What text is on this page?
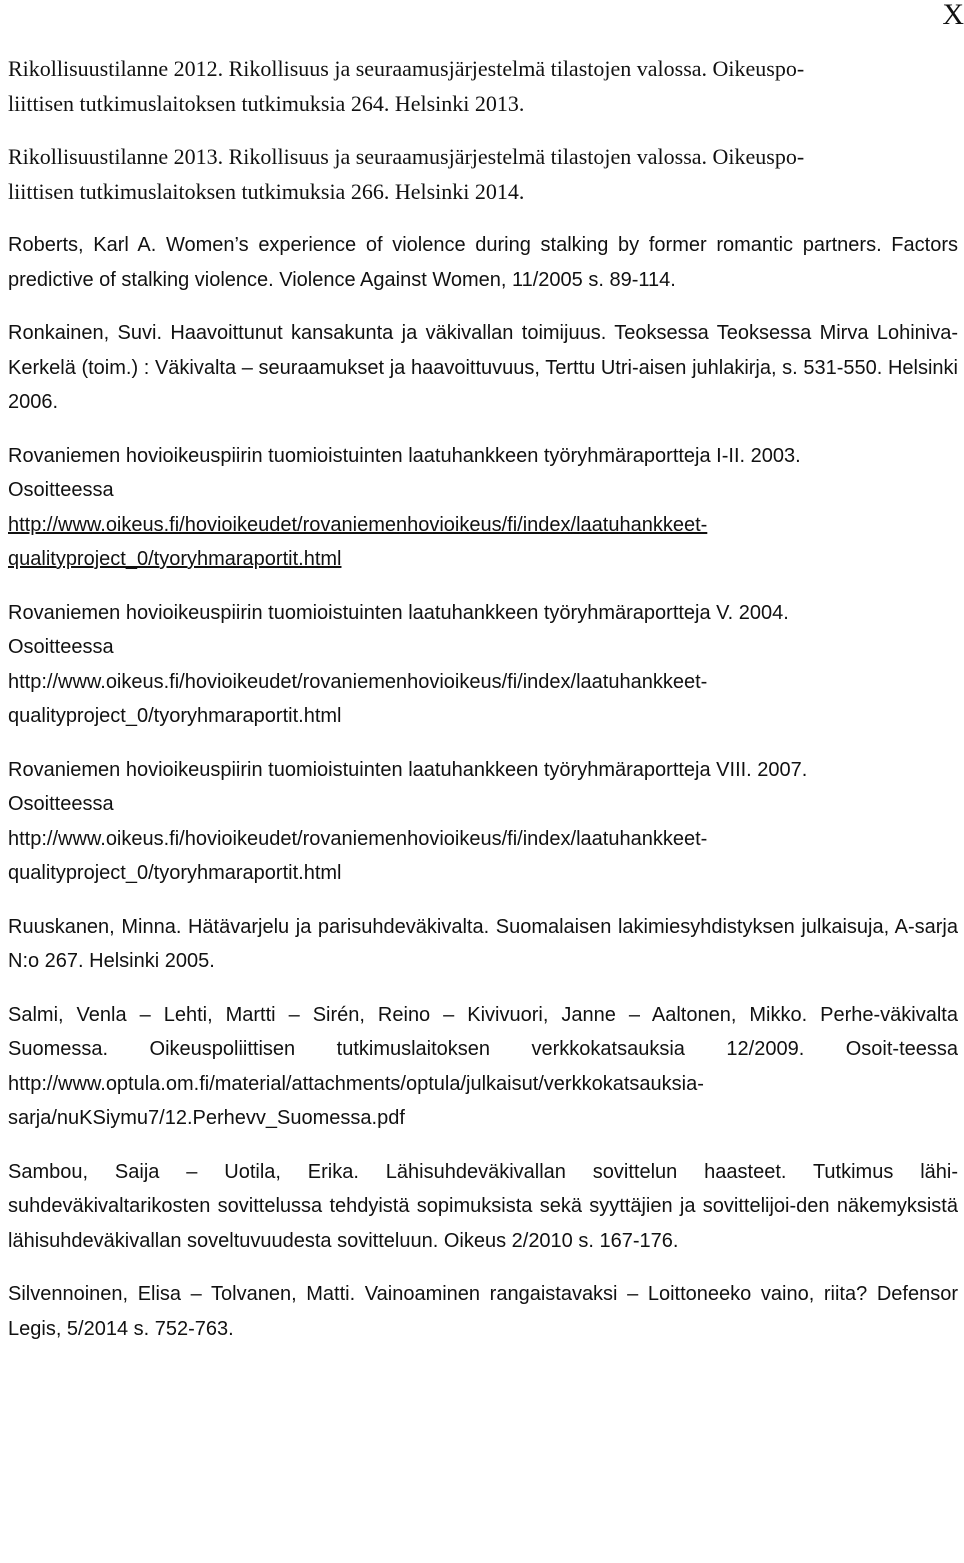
X
Rikollisuustilanne 2012. Rikollisuus ja seuraamusjärjestelmä tilastojen valossa. Oikeuspo-
liittisen tutkimuslaitoksen tutkimuksia 264. Helsinki 2013.
Rikollisuustilanne 2013. Rikollisuus ja seuraamusjärjestelmä tilastojen valossa. Oikeuspo-
liittisen tutkimuslaitoksen tutkimuksia 266. Helsinki 2014.
Roberts, Karl A. Women’s experience of violence during stalking by former romantic partners. Factors predictive of stalking violence. Violence Against Women, 11/2005 s. 89-114.
Ronkainen, Suvi. Haavoittunut kansakunta ja väkivallan toimijuus. Teoksessa Teoksessa Mirva Lohiniva-Kerkelä (toim.) : Väkivalta – seuraamukset ja haavoittuvuus, Terttu Utri-aisen juhlakirja, s. 531-550. Helsinki 2006.
Rovaniemen hovioikeuspiirin tuomioistuinten laatuhankkeen työryhmäraportteja I-II. 2003.
Osoitteessa
http://www.oikeus.fi/hovioikeudet/rovaniemenhovioikeus/fi/index/laatuhankkeet-
qualityproject_0/tyoryhmaraportit.html
Rovaniemen hovioikeuspiirin tuomioistuinten laatuhankkeen työryhmäraportteja V. 2004.
Osoitteessa
http://www.oikeus.fi/hovioikeudet/rovaniemenhovioikeus/fi/index/laatuhankkeet-
qualityproject_0/tyoryhmaraportit.html
Rovaniemen hovioikeuspiirin tuomioistuinten laatuhankkeen työryhmäraportteja VIII. 2007.
Osoitteessa
http://www.oikeus.fi/hovioikeudet/rovaniemenhovioikeus/fi/index/laatuhankkeet-
qualityproject_0/tyoryhmaraportit.html
Ruuskanen, Minna. Hätävarjelu ja parisuhdeväkivalta. Suomalaisen lakimiesyhdistyksen julkaisuja, A-sarja N:o 267. Helsinki 2005.
Salmi, Venla – Lehti, Martti – Sirén, Reino – Kivivuori, Janne – Aaltonen, Mikko. Perhe-väkivalta Suomessa. Oikeuspoliittisen tutkimuslaitoksen verkkokatsauksia 12/2009. Osoit-teessa http://www.optula.om.fi/material/attachments/optula/julkaisut/verkkokatsauksia-sarja/nuKSiymu7/12.Perhevv_Suomessa.pdf
Sambou, Saija – Uotila, Erika. Lähisuhdeväkivallan sovittelun haasteet. Tutkimus lähi-suhdeväkivaltarikosten sovittelussa tehdyistä sopimuksista sekä syyttäjien ja sovittelijoi-den näkemyksistä lähisuhdeväkivallan soveltuvuudesta sovitteluun. Oikeus 2/2010 s. 167-176.
Silvennoinen, Elisa – Tolvanen, Matti. Vainoaminen rangaistavaksi – Loittoneeko vaino, riita? Defensor Legis, 5/2014 s. 752-763.
